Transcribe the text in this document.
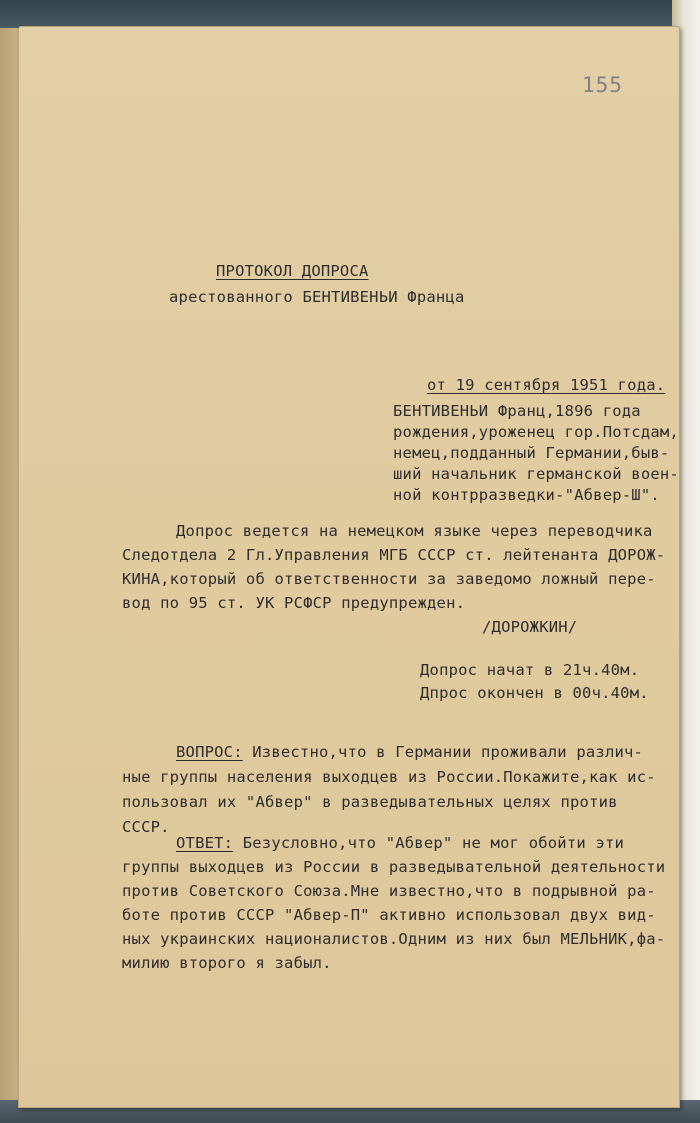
155
ПРОТОКОЛ ДОПРОСА
арестованного БЕНТИВЕНЬИ Франца
от 19 сентября 1951 года.
БЕНТИВЕНЬИ Франц,1896 года
рождения,уроженец гор.Потсдам,
немец,подданный Германии,быв-
ший начальник германской воен-
ной контрразведки-"Абвер-Ш".
Допрос ведется на немецком языке через переводчика
Следотдела 2 Гл.Управления МГБ СССР ст. лейтенанта ДОРОЖ-
КИНА,который об ответственности за заведомо ложный пере-
вод по 95 ст. УК РСФСР предупрежден.
/ДОРОЖКИН/
Допрос начат в 21ч.40м.
Дпрос окончен в 00ч.40м.
ВОПРОС: Известно,что в Германии проживали различ-
ные группы населения выходцев из России.Покажите,как ис-
пользовал их "Абвер" в разведывательных целях против
СССР.
ОТВЕТ: Безусловно,что "Абвер" не мог обойти эти
группы выходцев из России в разведывательной деятельности
против Советского Союза.Мне известно,что в подрывной ра-
боте против СССР "Абвер-П" активно использовал двух вид-
ных украинских националистов.Одним из них был МЕЛЬНИК,фа-
милию второго я забыл.
